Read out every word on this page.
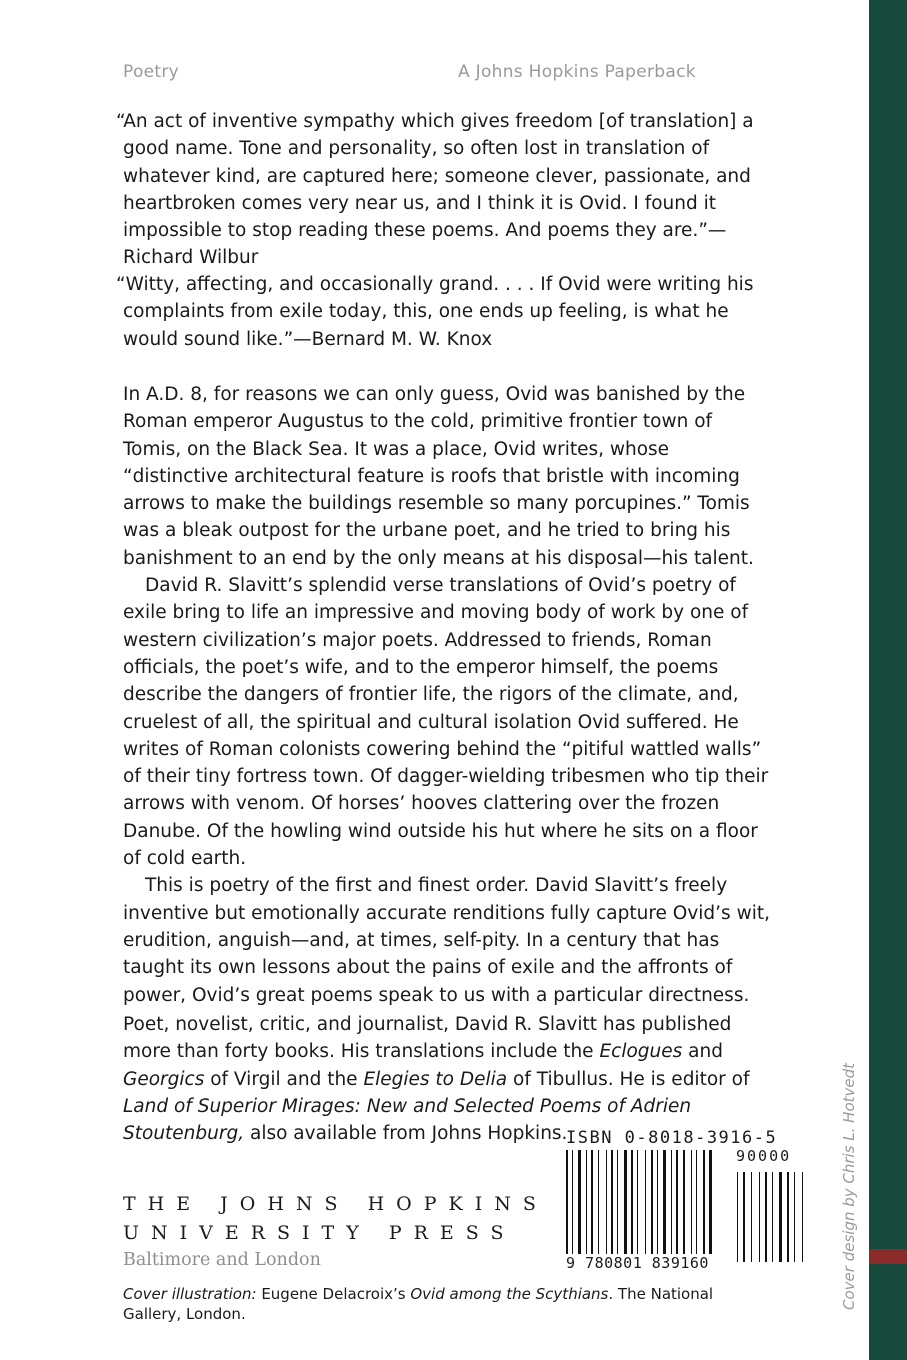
Poetry	A Johns Hopkins Paperback

“An act of inventive sympathy which gives freedom [of translation] a good name. Tone and personality, so often lost in translation of whatever kind, are captured here; someone clever, passionate, and heartbroken comes very near us, and I think it is Ovid. I found it impossible to stop reading these poems. And poems they are.”—Richard Wilbur

“Witty, affecting, and occasionally grand. . . . If Ovid were writing his complaints from exile today, this, one ends up feeling, is what he would sound like.”—Bernard M. W. Knox

In A.D. 8, for reasons we can only guess, Ovid was banished by the Roman emperor Augustus to the cold, primitive frontier town of Tomis, on the Black Sea. It was a place, Ovid writes, whose “distinctive architectural feature is roofs that bristle with incoming arrows to make the buildings resemble so many porcupines.” Tomis was a bleak outpost for the urbane poet, and he tried to bring his banishment to an end by the only means at his disposal—his talent.

David R. Slavitt’s splendid verse translations of Ovid’s poetry of exile bring to life an impressive and moving body of work by one of western civilization’s major poets. Addressed to friends, Roman officials, the poet’s wife, and to the emperor himself, the poems describe the dangers of frontier life, the rigors of the climate, and, cruelest of all, the spiritual and cultural isolation Ovid suffered. He writes of Roman colonists cowering behind the “pitiful wattled walls” of their tiny fortress town. Of dagger-wielding tribesmen who tip their arrows with venom. Of horses’ hooves clattering over the frozen Danube. Of the howling wind outside his hut where he sits on a floor of cold earth.

This is poetry of the first and finest order. David Slavitt’s freely inventive but emotionally accurate renditions fully capture Ovid’s wit, erudition, anguish—and, at times, self-pity. In a century that has taught its own lessons about the pains of exile and the affronts of power, Ovid’s great poems speak to us with a particular directness.

Poet, novelist, critic, and journalist, David R. Slavitt has published more than forty books. His translations include the Eclogues and Georgics of Virgil and the Elegies to Delia of Tibullus. He is editor of Land of Superior Mirages: New and Selected Poems of Adrien Stoutenburg, also available from Johns Hopkins.

THE JOHNS HOPKINS
UNIVERSITY PRESS
Baltimore and London
ISBN 0-8018-3916-5
90000
9 780801 839160
Cover illustration: Eugene Delacroix’s Ovid among the Scythians. The National Gallery, London.
Cover design by Chris L. Hotvedt
